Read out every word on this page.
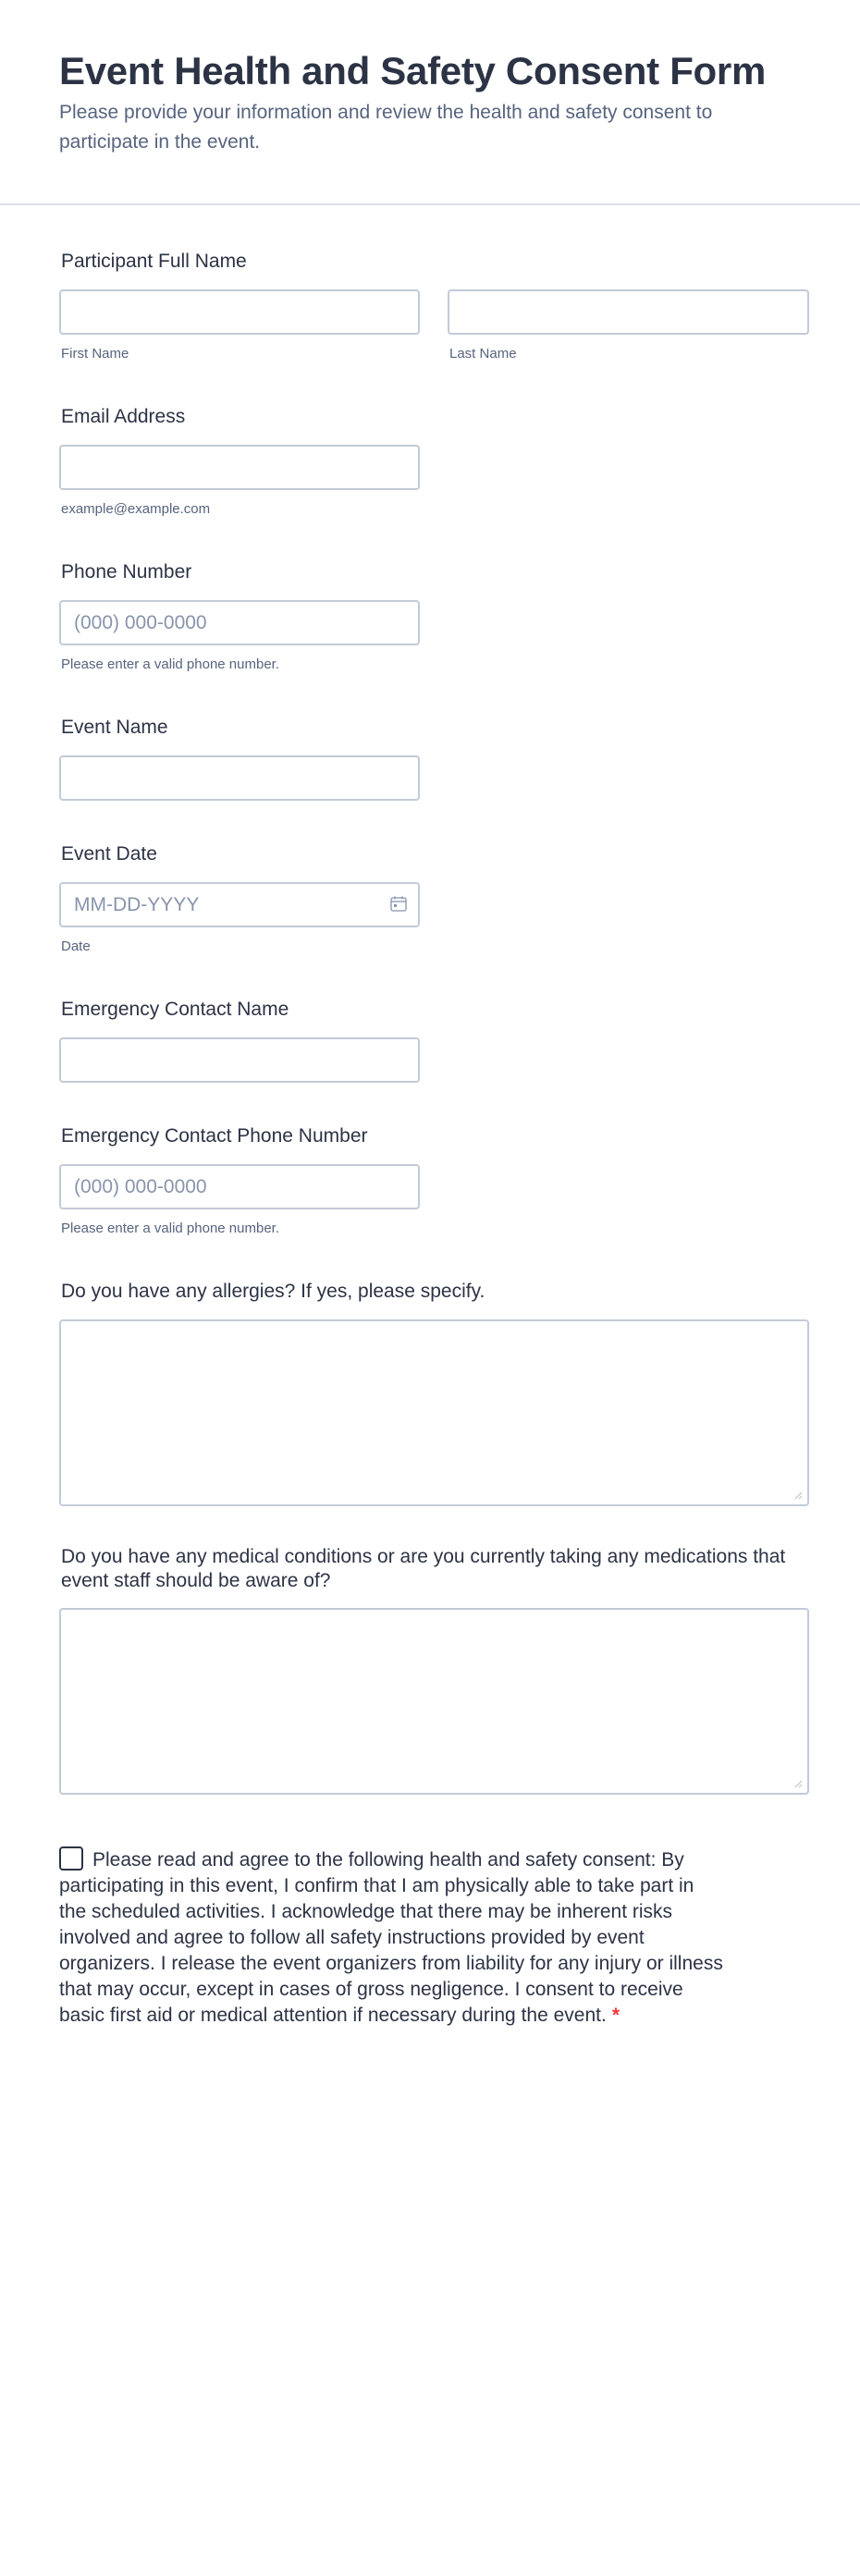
Event Health and Safety Consent Form

Please provide your information and review the health and safety consent to participate in the event.

Participant Full Name
First Name	Last Name
Email Address
example@example.com
Phone Number
(000) 000-0000
Please enter a valid phone number.
Event Name
Event Date
MM-DD-YYYY
Date
Emergency Contact Name
Emergency Contact Phone Number
(000) 000-0000
Please enter a valid phone number.
Do you have any allergies? If yes, please specify.
Do you have any medical conditions or are you currently taking any medications that event staff should be aware of?

Please read and agree to the following health and safety consent: By participating in this event, I confirm that I am physically able to take part in the scheduled activities. I acknowledge that there may be inherent risks involved and agree to follow all safety instructions provided by event organizers. I release the event organizers from liability for any injury or illness that may occur, except in cases of gross negligence. I consent to receive basic first aid or medical attention if necessary during the event. *
